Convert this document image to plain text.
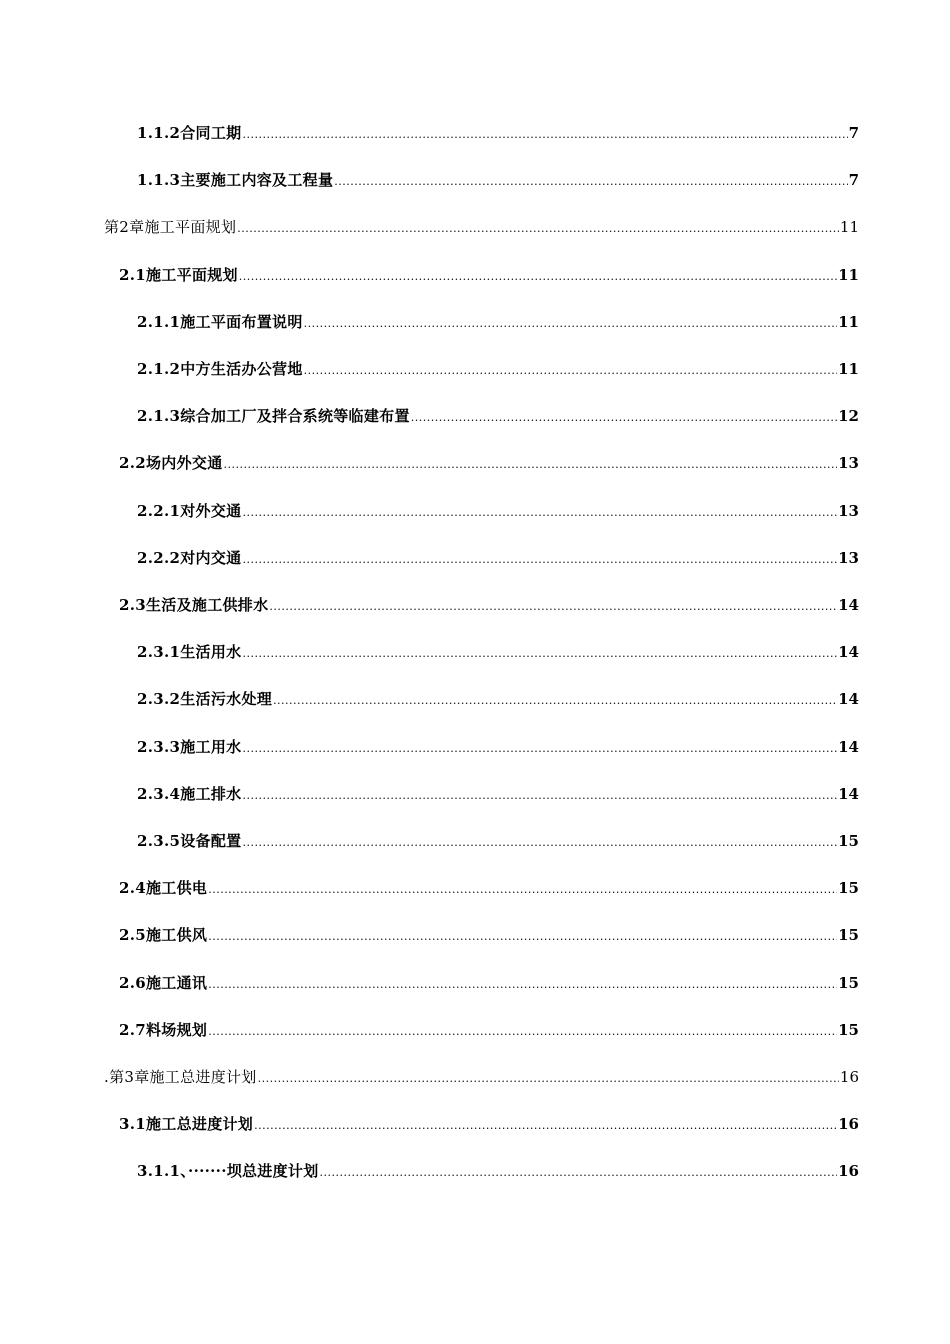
1.1.2合同工期 .....	7
1.1.3主要施工内容及工程量 .....	7
第2章施工平面规划 .....	11
2.1施工平面规划 .....	11
2.1.1施工平面布置说明 .....	11
2.1.2中方生活办公营地 .....	11
2.1.3综合加工厂及拌合系统等临建布置 .....	12
2.2场内外交通 .....	13
2.2.1对外交通 .....	13
2.2.2对内交通 .....	13
2.3生活及施工供排水 .....	14
2.3.1生活用水 .....	14
2.3.2生活污水处理 .....	14
2.3.3施工用水 .....	14
2.3.4施工排水 .....	14
2.3.5设备配置 .....	15
2.4施工供电 .....	15
2.5施工供风 .....	15
2.6施工通讯 .....	15
2.7料场规划 .....	15
.第3章施工总进度计划 .....	16
3.1施工总进度计划 .....	16
3.1.1、·······坝总进度计划 .....	16
